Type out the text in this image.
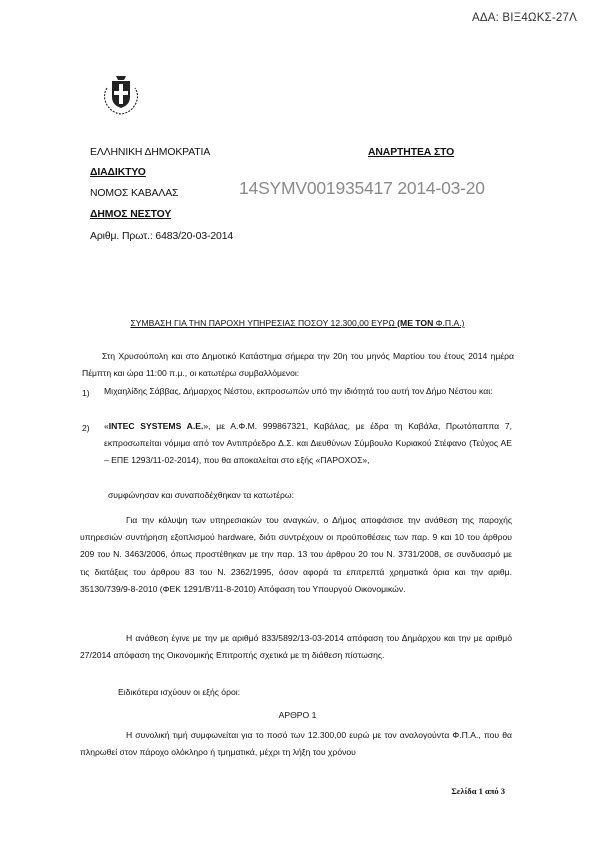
ΑΔΑ: ΒΙΞ4ΩΚΣ-27Λ
ΕΛΛΗΝΙΚΗ ΔΗΜΟΚΡΑΤΙΑ	ΑΝΑΡΤΗΤΕΑ ΣΤΟ
ΔΙΑΔΙΚΤΥΟ
ΝΟΜΟΣ ΚΑΒΑΛΑΣ
ΔΗΜΟΣ ΝΕΣΤΟΥ
Αριθμ. Πρωτ.: 6483/20-03-2014
14SYMV001935417 2014-03-20
ΣΥΜΒΑΣΗ ΓΙΑ ΤΗΝ ΠΑΡΟΧΗ ΥΠΗΡΕΣΙΑΣ ΠΟΣΟΥ 12.300,00 ΕΥΡΩ (ΜΕ ΤΟΝ Φ.Π.Α.)
Στη Χρυσούπολη και στο Δημοτικό Κατάστημα σήμερα την 20η του μηνός Μαρτίου του έτους 2014 ημέρα Πέμπτη και ώρα 11:00 π.μ., οι κατωτέρω συμβαλλόμενοι:
1) Μιχαηλίδης Σάββας, Δήμαρχος Νέστου, εκπροσωπών υπό την ιδιότητά του αυτή τον Δήμο Νέστου και:
2) «INTEC SYSTEMS A.E.», με Α.Φ.Μ. 999867321, Καβάλας, με έδρα τη Καβάλα, Πρωτόπαππα 7, εκπροσωπείται νόμιμα από τον Αντιπρόεδρο Δ.Σ. και Διευθύνων Σύμβουλο Κυριακού Στέφανο (Τεύχος ΑΕ – ΕΠΕ 1293/11-02-2014), που θα αποκαλείται στο εξής «ΠΑΡΟΧΟΣ»,
συμφώνησαν και συναποδέχθηκαν τα κατωτέρω:
Για την κάλυψη των υπηρεσιακών του αναγκών, ο Δήμος αποφάσισε την ανάθεση της παροχής υπηρεσιών συντήρηση εξοπλισμού hardware, διότι συντρέχουν οι προϋποθέσεις των παρ. 9 και 10 του άρθρου 209 του Ν. 3463/2006, όπως προστέθηκαν με την παρ. 13 του άρθρου 20 του Ν. 3731/2008, σε συνδυασμό με τις διατάξεις του άρθρου 83 του Ν. 2362/1995, όσον αφορά τα επιτρεπτά χρηματικά όρια και την αριθμ. 35130/739/9-8-2010 (ΦΕΚ 1291/Β'/11-8-2010) Απόφαση του Υπουργού Οικονομικών.
Η ανάθεση έγινε με την με αριθμό 833/5892/13-03-2014 απόφαση του Δημάρχου και την με αριθμό 27/2014 απόφαση της Οικονομικής Επιτροπής σχετικά με τη διάθεση πίστωσης.
Ειδικότερα ισχύουν οι εξής όροι:
ΑΡΘΡΟ 1
Η συνολική τιμή συμφωνείται για το ποσό των 12.300,00 ευρώ με τον αναλογούντα Φ.Π.Α., που θα πληρωθεί στον πάροχο ολόκληρο ή τμηματικά, μέχρι τη λήξη του χρόνου
Σελίδα 1 από 3
